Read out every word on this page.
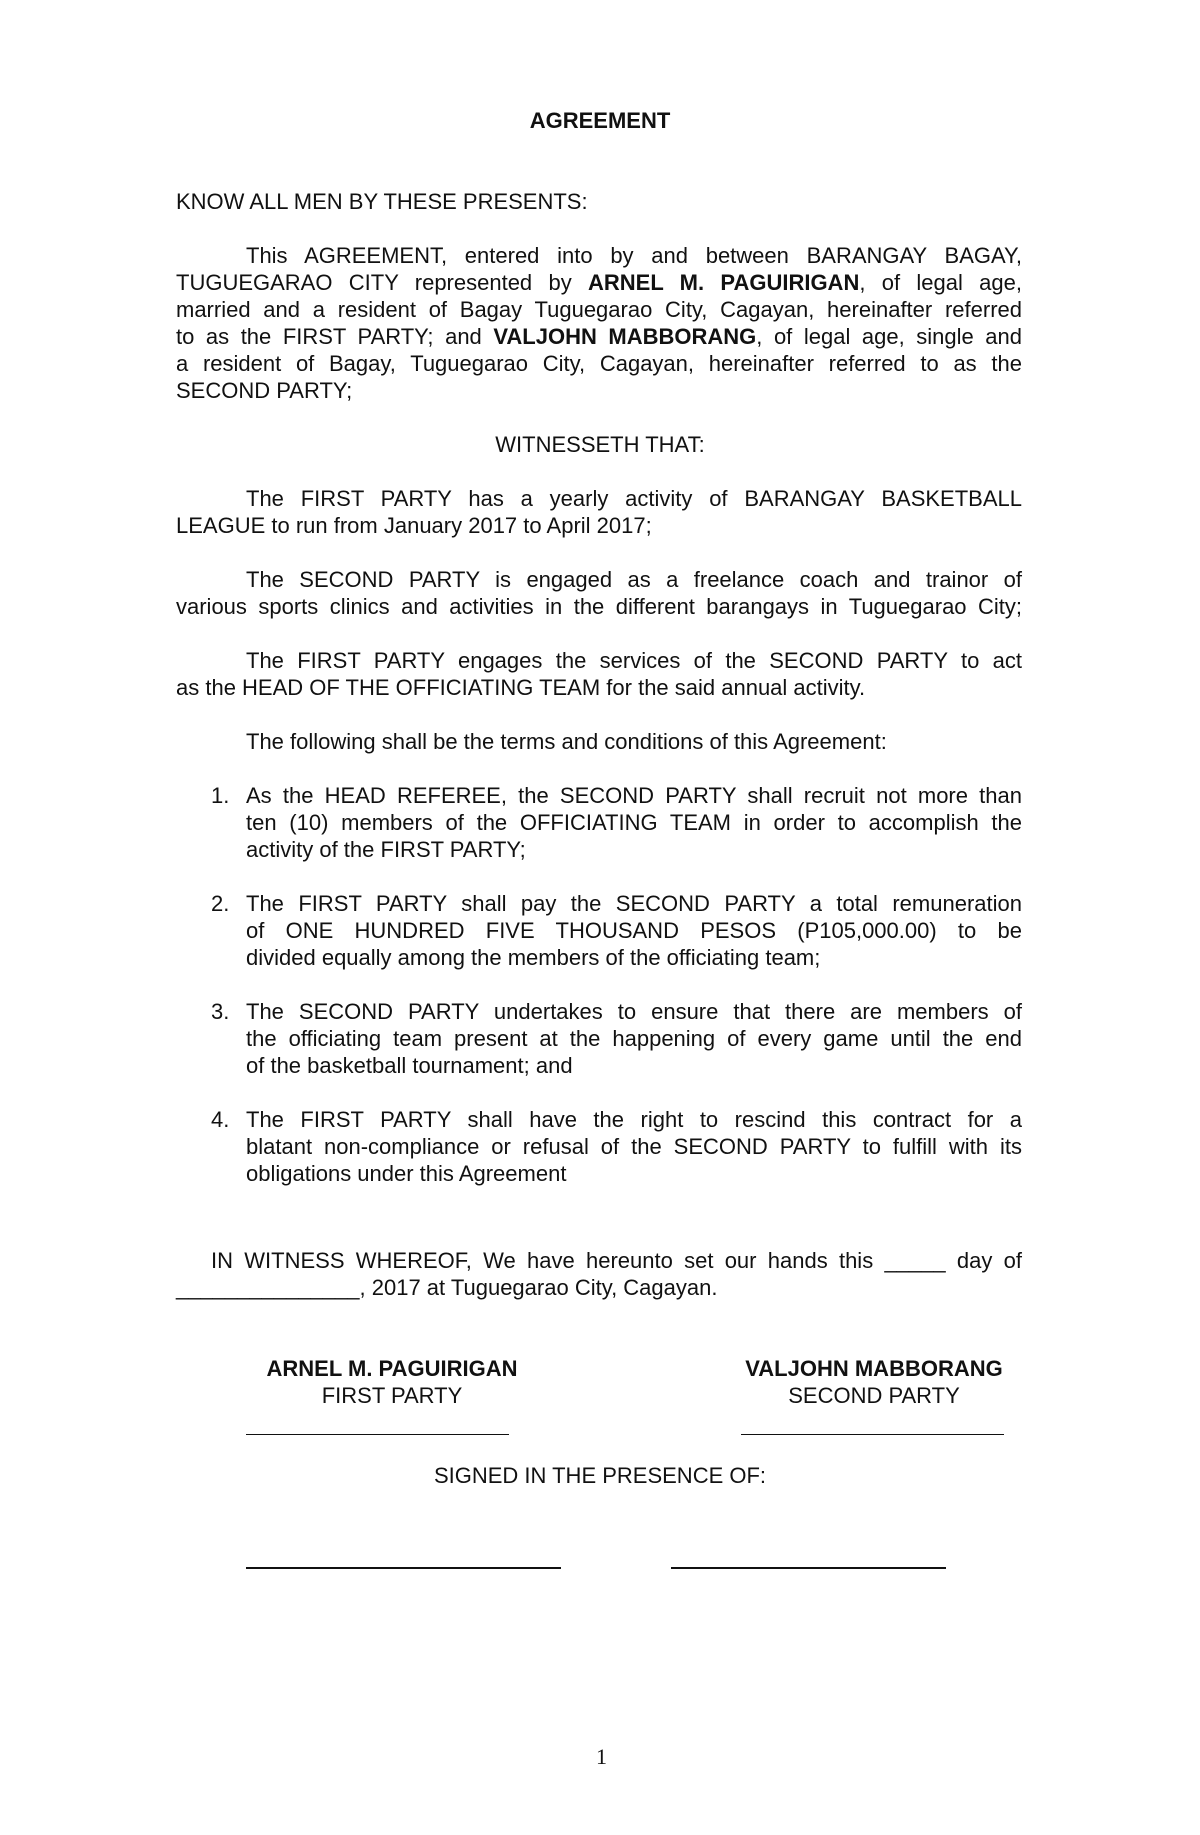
AGREEMENT
KNOW ALL MEN BY THESE PRESENTS:
This AGREEMENT, entered into by and between BARANGAY BAGAY,
TUGUEGARAO CITY represented by ARNEL M. PAGUIRIGAN, of legal age,
married and a resident of Bagay Tuguegarao City, Cagayan, hereinafter referred
to as the FIRST PARTY; and VALJOHN MABBORANG, of legal age, single and
a resident of Bagay, Tuguegarao City, Cagayan, hereinafter referred to as the
SECOND PARTY;
WITNESSETH THAT:
The FIRST PARTY has a yearly activity of BARANGAY BASKETBALL
LEAGUE to run from January 2017 to April 2017;
The SECOND PARTY is engaged as a freelance coach and trainor of
various sports clinics and activities in the different barangays in Tuguegarao City;
The FIRST PARTY engages the services of the SECOND PARTY to act
as the HEAD OF THE OFFICIATING TEAM for the said annual activity.
The following shall be the terms and conditions of this Agreement:
1. As the HEAD REFEREE, the SECOND PARTY shall recruit not more than
ten (10) members of the OFFICIATING TEAM in order to accomplish the
activity of the FIRST PARTY;
2. The FIRST PARTY shall pay the SECOND PARTY a total remuneration
of ONE HUNDRED FIVE THOUSAND PESOS (P105,000.00) to be
divided equally among the members of the officiating team;
3. The SECOND PARTY undertakes to ensure that there are members of
the officiating team present at the happening of every game until the end
of the basketball tournament; and
4. The FIRST PARTY shall have the right to rescind this contract for a
blatant non-compliance or refusal of the SECOND PARTY to fulfill with its
obligations under this Agreement
IN WITNESS WHEREOF, We have hereunto set our hands this _____ day of
_______________, 2017 at Tuguegarao City, Cagayan.
ARNEL M. PAGUIRIGAN
FIRST PARTY
VALJOHN MABBORANG
SECOND PARTY
SIGNED IN THE PRESENCE OF:
1
